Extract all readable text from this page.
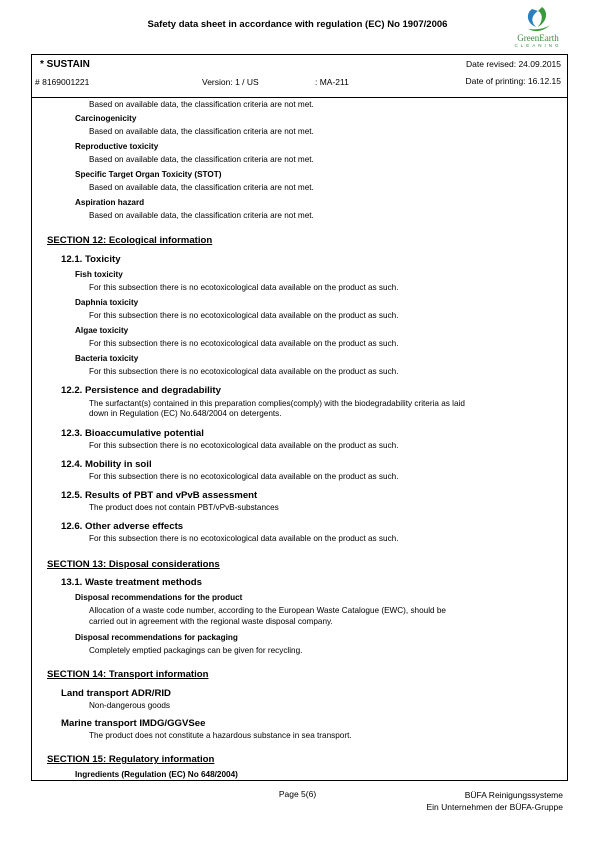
Safety data sheet in accordance with regulation (EC) No 1907/2006
GreenEarth
CLEANING
* SUSTAIN	Date revised: 24.09.2015
# 8169001221	Version: 1 / US	: MA-211	Date of printing: 16.12.15
Based on available data, the classification criteria are not met.
Carcinogenicity
Based on available data, the classification criteria are not met.
Reproductive toxicity
Based on available data, the classification criteria are not met.
Specific Target Organ Toxicity (STOT)
Based on available data, the classification criteria are not met.
Aspiration hazard
Based on available data, the classification criteria are not met.
SECTION 12: Ecological information
12.1. Toxicity
Fish toxicity
For this subsection there is no ecotoxicological data available on the product as such.
Daphnia toxicity
For this subsection there is no ecotoxicological data available on the product as such.
Algae toxicity
For this subsection there is no ecotoxicological data available on the product as such.
Bacteria toxicity
For this subsection there is no ecotoxicological data available on the product as such.
12.2. Persistence and degradability
The surfactant(s) contained in this preparation complies(comply) with the biodegradability criteria as laid
down in Regulation (EC) No.648/2004 on detergents.
12.3. Bioaccumulative potential
For this subsection there is no ecotoxicological data available on the product as such.
12.4. Mobility in soil
For this subsection there is no ecotoxicological data available on the product as such.
12.5. Results of PBT and vPvB assessment
The product does not contain PBT/vPvB-substances
12.6. Other adverse effects
For this subsection there is no ecotoxicological data available on the product as such.
SECTION 13: Disposal considerations
13.1. Waste treatment methods
Disposal recommendations for the product
Allocation of a waste code number, according to the European Waste Catalogue (EWC), should be
carried out in agreement with the regional waste disposal company.
Disposal recommendations for packaging
Completely emptied packagings can be given for recycling.
SECTION 14: Transport information
Land transport ADR/RID
Non-dangerous goods
Marine transport IMDG/GGVSee
The product does not constitute a hazardous substance in sea transport.
SECTION 15: Regulatory information
Ingredients (Regulation (EC) No 648/2004)
Page 5(6)	BÜFA Reinigungssysteme
Ein Unternehmen der BÜFA-Gruppe
